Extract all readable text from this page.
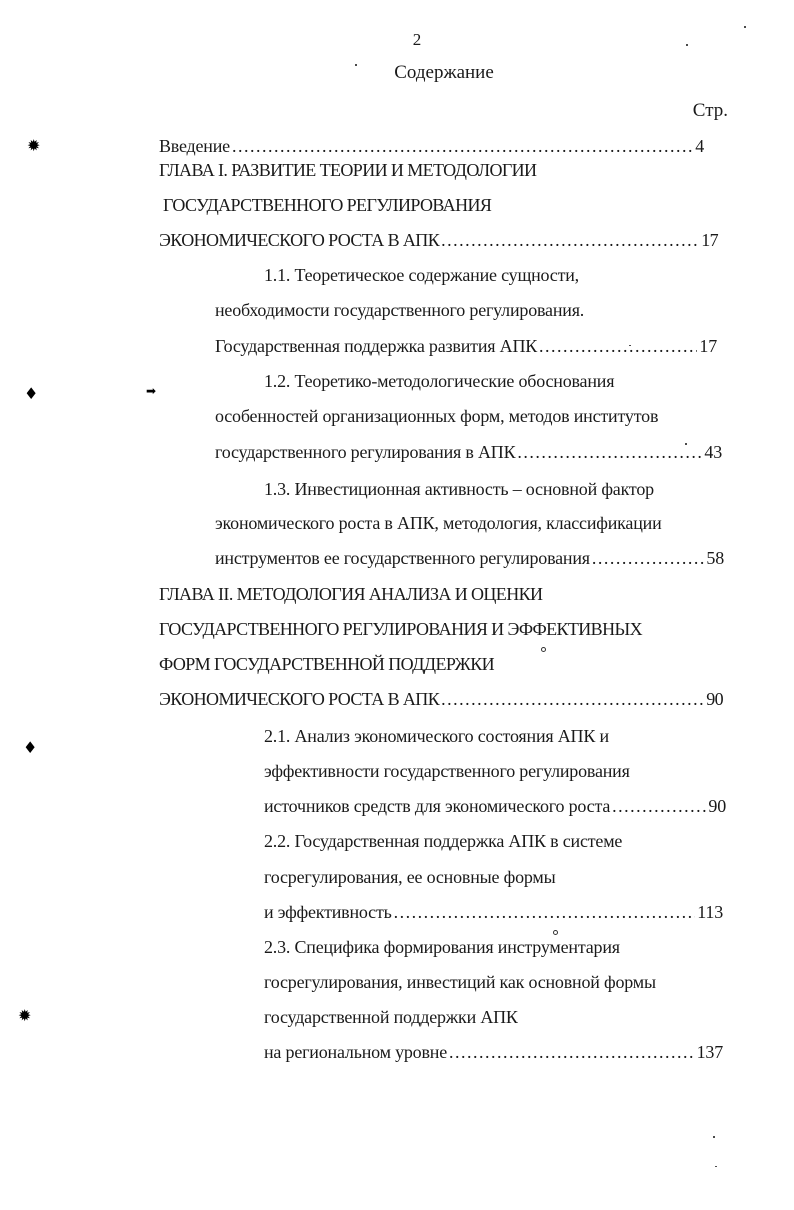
2
Содержание
Стр.
Введение .....	4
ГЛАВА I. РАЗВИТИЕ ТЕОРИИ И МЕТОДОЛОГИИ
ГОСУДАРСТВЕННОГО РЕГУЛИРОВАНИЯ
ЭКОНОМИЧЕСКОГО РОСТА В АПК .....	17
1.1. Теоретическое содержание сущности,
необходимости государственного регулирования.
Государственная поддержка развития АПК .....	17
1.2. Теоретико-методологические обоснования
особенностей организационных форм, методов институтов
государственного регулирования в АПК .....	43
1.3. Инвестиционная активность – основной фактор
экономического роста в АПК, методология, классификации
инструментов ее государственного регулирования .....	58
ГЛАВА II. МЕТОДОЛОГИЯ АНАЛИЗА И ОЦЕНКИ
ГОСУДАРСТВЕННОГО РЕГУЛИРОВАНИЯ И ЭФФЕКТИВНЫХ
ФОРМ ГОСУДАРСТВЕННОЙ ПОДДЕРЖКИ
ЭКОНОМИЧЕСКОГО РОСТА В АПК .....	90
2.1. Анализ экономического состояния АПК и
эффективности государственного регулирования
источников средств для экономического роста .....	90
2.2. Государственная поддержка АПК в системе
госрегулирования, ее основные формы
и эффективность .....	113
2.3. Специфика формирования инструментария
госрегулирования, инвестиций как основной формы
государственной поддержки АПК
на региональном уровне .....	137
✹
♦	➡
♦
✹
